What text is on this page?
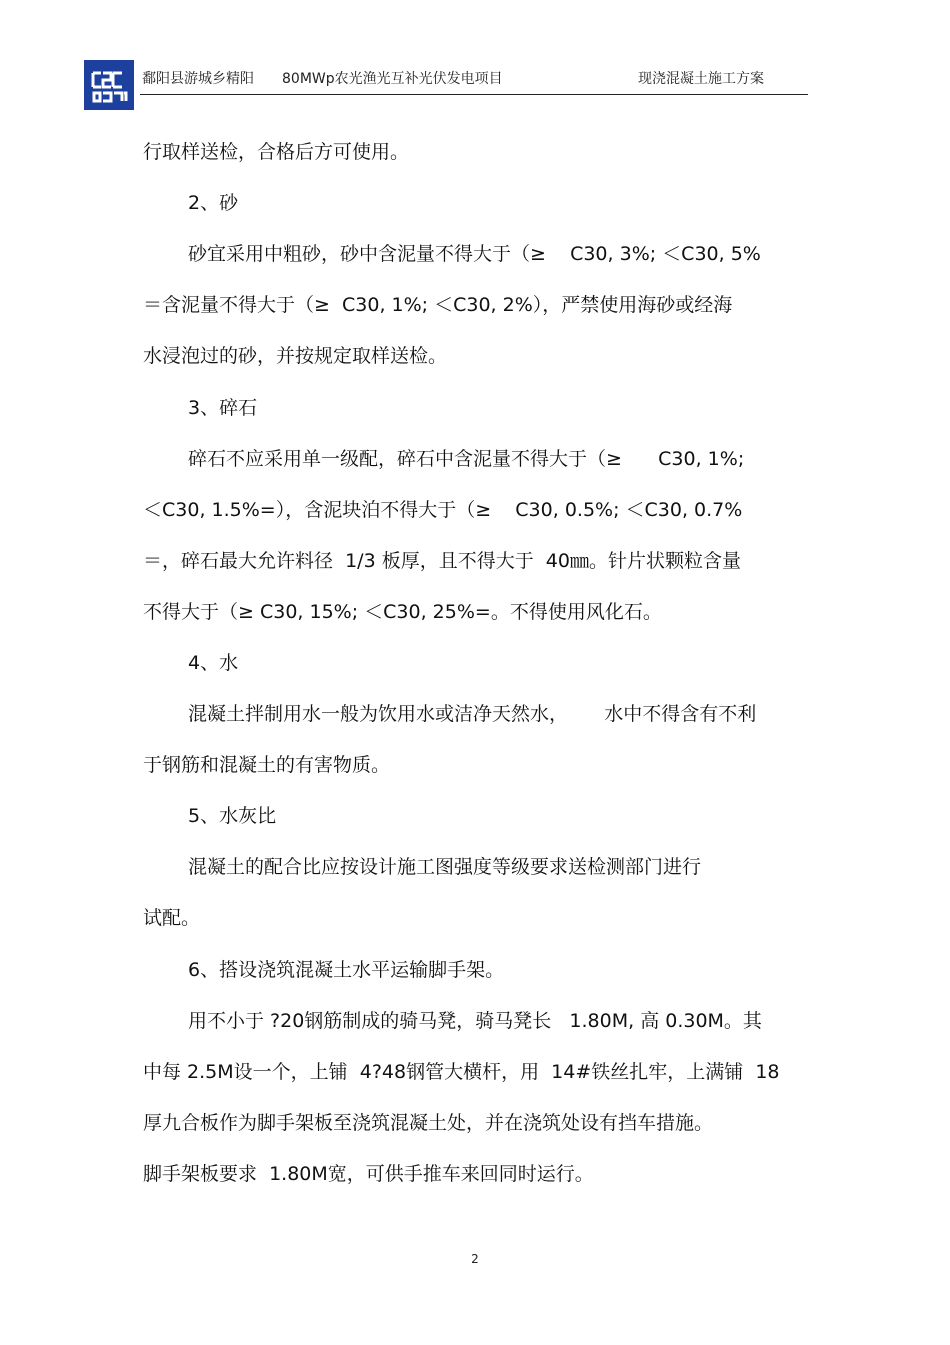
鄱阳县游城乡精阳 80MWp农光渔光互补光伏发电项目	现浇混凝土施工方案
行取样送检，合格后方可使用。
2、砂
砂宜采用中粗砂，砂中含泥量不得大于（≥    C30, 3%; ＜C30, 5%
＝含泥量不得大于（≥  C30, 1%; ＜C30, 2%），严禁使用海砂或经海
水浸泡过的砂，并按规定取样送检。
3、碎石
碎石不应采用单一级配，碎石中含泥量不得大于（≥      C30, 1%;
＜C30, 1.5%=），含泥块泊不得大于（≥    C30, 0.5%; ＜C30, 0.7%
＝，碎石最大允许料径  1/3 板厚，且不得大于  40㎜。针片状颗粒含量
不得大于（≥ C30, 15%; ＜C30, 25%=。不得使用风化石。
4、水
混凝土拌制用水一般为饮用水或洁净天然水，      水中不得含有不利
于钢筋和混凝土的有害物质。
5、水灰比
混凝土的配合比应按设计施工图强度等级要求送检测部门进行
试配。
6、搭设浇筑混凝土水平运输脚手架。
用不小于 ?20钢筋制成的骑马凳，骑马凳长   1.80M, 高 0.30M。其
中每 2.5M设一个，上铺  4?48钢管大横杆，用  14#铁丝扎牢，上满铺  18
厚九合板作为脚手架板至浇筑混凝土处，并在浇筑处设有挡车措施。
脚手架板要求  1.80M宽，可供手推车来回同时运行。
2
